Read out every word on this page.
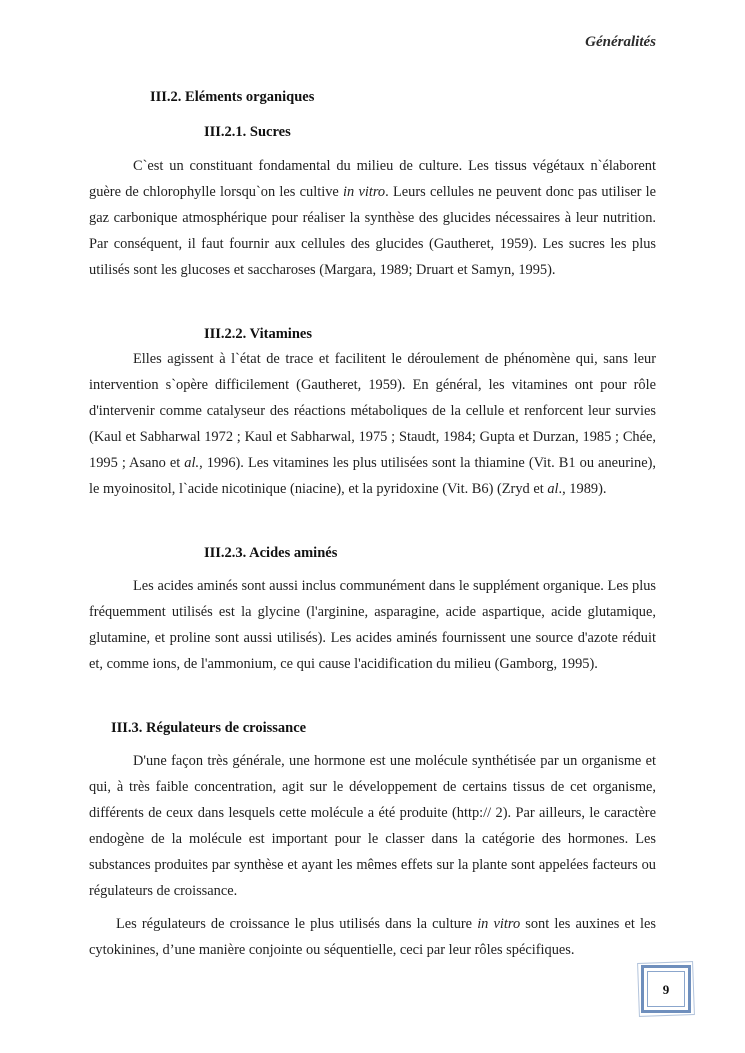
Généralités
III.2. Eléments organiques
III.2.1. Sucres
C`est un constituant fondamental du milieu de culture. Les tissus végétaux n`élaborent guère de chlorophylle lorsqu`on les cultive in vitro. Leurs cellules ne peuvent donc pas utiliser le gaz carbonique atmosphérique pour réaliser la synthèse des glucides nécessaires à leur nutrition. Par conséquent, il faut fournir aux cellules des glucides (Gautheret, 1959). Les sucres les plus utilisés sont les glucoses et saccharoses (Margara, 1989; Druart et Samyn, 1995).
III.2.2. Vitamines
Elles agissent à l`état de trace et facilitent le déroulement de phénomène qui, sans leur intervention s`opère difficilement (Gautheret, 1959). En général, les vitamines ont pour rôle d'intervenir comme catalyseur des réactions métaboliques de la cellule et renforcent leur survies (Kaul et Sabharwal 1972 ; Kaul et Sabharwal, 1975 ; Staudt, 1984; Gupta et Durzan, 1985 ; Chée, 1995 ; Asano et al., 1996). Les vitamines les plus utilisées sont la thiamine (Vit. B1 ou aneurine), le myoinositol, l`acide nicotinique (niacine), et la pyridoxine (Vit. B6) (Zryd et al., 1989).
III.2.3. Acides aminés
Les acides aminés sont aussi inclus communément dans le supplément organique. Les plus fréquemment utilisés est la glycine (l'arginine, asparagine, acide aspartique, acide glutamique, glutamine, et proline sont aussi utilisés). Les acides aminés fournissent une source d'azote réduit et, comme ions, de l'ammonium, ce qui cause l'acidification du milieu (Gamborg, 1995).
III.3. Régulateurs de croissance
D'une façon très générale, une hormone est une molécule synthétisée par un organisme et qui, à très faible concentration, agit sur le développement de certains tissus de cet organisme, différents de ceux dans lesquels cette molécule a été produite (http:// 2). Par ailleurs, le caractère endogène de la molécule est important pour le classer dans la catégorie des hormones. Les substances produites par synthèse et ayant les mêmes effets sur la plante sont appelées facteurs ou régulateurs de croissance.
Les régulateurs de croissance le plus utilisés dans la culture in vitro sont les auxines et les cytokinines, d’une manière conjointe ou séquentielle, ceci par leur rôles spécifiques.
9
